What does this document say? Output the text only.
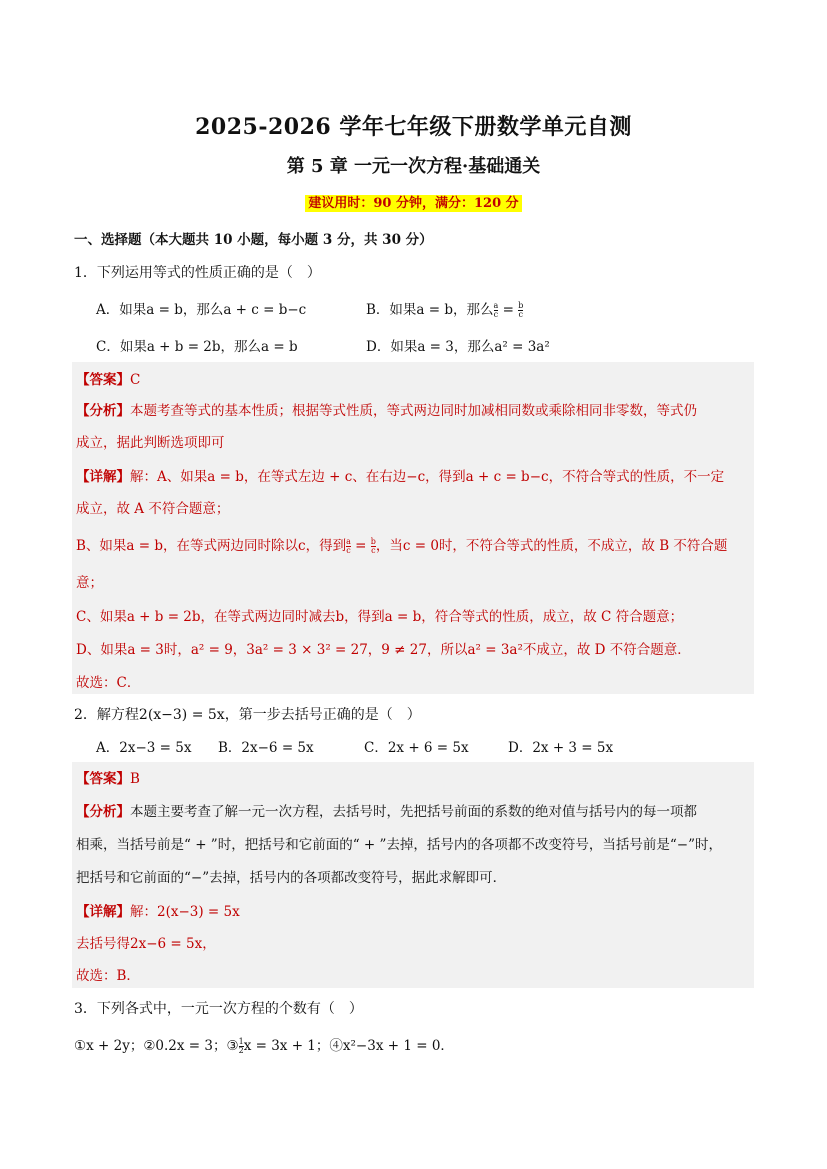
2025-2026 学年七年级下册数学单元自测
第 5 章 一元一次方程·基础通关
建议用时：90 分钟，满分：120 分
一、选择题（本大题共 10 小题，每小题 3 分，共 30 分）
1．下列运用等式的性质正确的是（　）
A．如果a = b，那么a + c = b−c	B．如果a = b，那么 $\frac{a}{c} = \frac{b}{c}$
C．如果a + b = 2b，那么a = b	D．如果a = 3，那么a² = 3a²
【答案】C
【分析】本题考查等式的基本性质；根据等式性质，等式两边同时加减相同数或乘除相同非零数，等式仍
成立，据此判断选项即可
【详解】解：A、如果a = b，在等式左边 + c、在右边−c，得到a + c = b−c，不符合等式的性质，不一定
成立，故 A 不符合题意；
B、如果a = b，在等式两边同时除以c，得到 $\frac{a}{c} = \frac{b}{c}$ ，当c = 0时，不符合等式的性质，不成立，故 B 不符合题
意；
C、如果a + b = 2b，在等式两边同时减去b，得到a = b，符合等式的性质，成立，故 C 符合题意；
D、如果a = 3时，a² = 9，3a² = 3 × 3² = 27，9 ≠ 27，所以a² = 3a²不成立，故 D 不符合题意．
故选：C．
2．解方程2(x−3) = 5x，第一步去括号正确的是（　）
A．2x−3 = 5x B．2x−6 = 5x	C．2x + 6 = 5x	D．2x + 3 = 5x
【答案】B
【分析】本题主要考查了解一元一次方程，去括号时，先把括号前面的系数的绝对值与括号内的每一项都
相乘，当括号前是“ + ”时，把括号和它前面的“ + ”去掉，括号内的各项都不改变符号，当括号前是“−”时，
把括号和它前面的“−”去掉，括号内的各项都改变符号，据此求解即可．
【详解】解：2(x−3) = 5x
去括号得2x−6 = 5x，
故选：B．
3．下列各式中，一元一次方程的个数有（　）
①x + 2y；②0.2x = 3；③ $\frac{1}{2}$ x = 3x + 1；④x²−3x + 1 = 0．
